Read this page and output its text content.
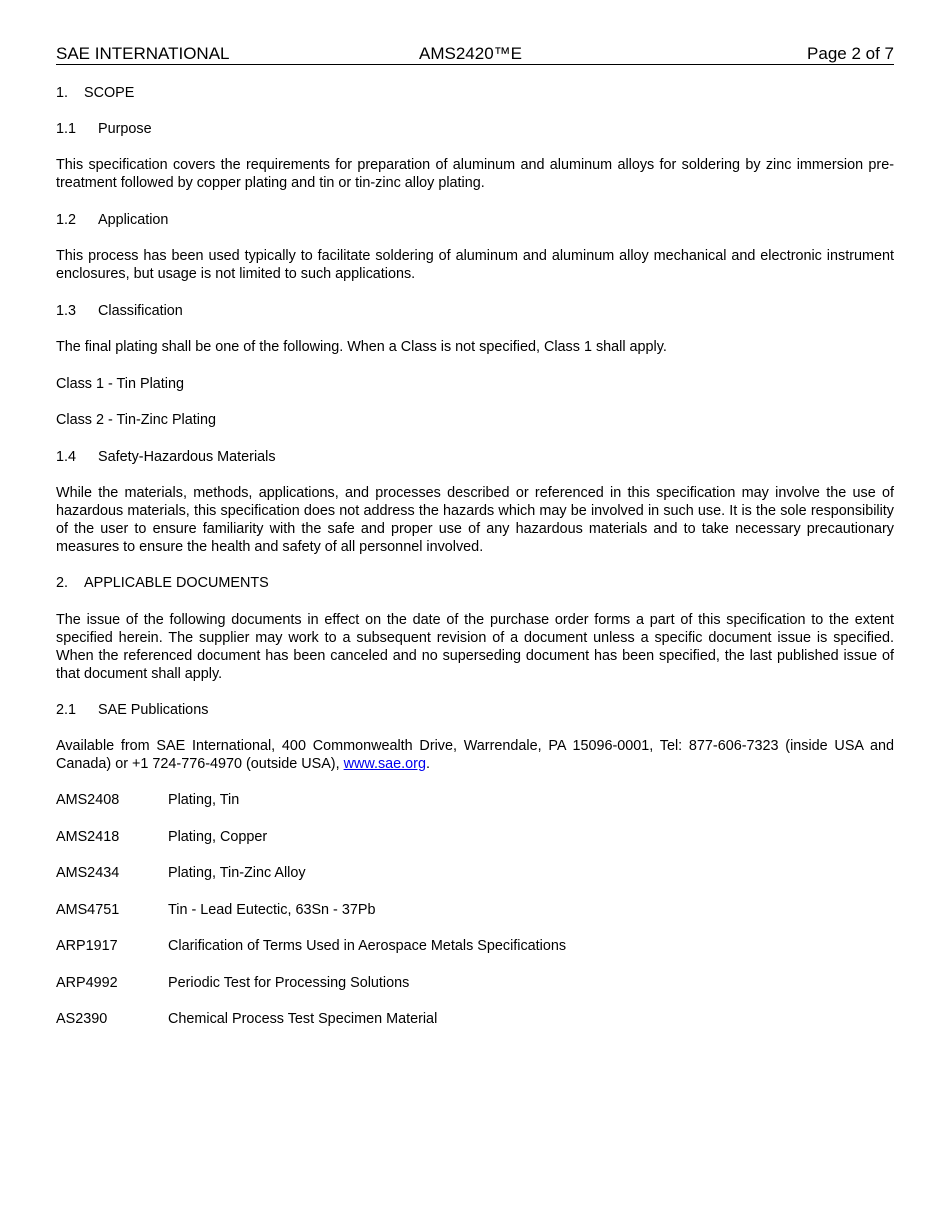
SAE INTERNATIONAL	AMS2420™E	Page 2 of 7

1. SCOPE

1.1 Purpose

This specification covers the requirements for preparation of aluminum and aluminum alloys for soldering by zinc immersion pre-treatment followed by copper plating and tin or tin-zinc alloy plating.

1.2 Application

This process has been used typically to facilitate soldering of aluminum and aluminum alloy mechanical and electronic instrument enclosures, but usage is not limited to such applications.

1.3 Classification

The final plating shall be one of the following. When a Class is not specified, Class 1 shall apply.

Class 1 - Tin Plating

Class 2 - Tin-Zinc Plating

1.4 Safety-Hazardous Materials

While the materials, methods, applications, and processes described or referenced in this specification may involve the use of hazardous materials, this specification does not address the hazards which may be involved in such use. It is the sole responsibility of the user to ensure familiarity with the safe and proper use of any hazardous materials and to take necessary precautionary measures to ensure the health and safety of all personnel involved.

2. APPLICABLE DOCUMENTS

The issue of the following documents in effect on the date of the purchase order forms a part of this specification to the extent specified herein. The supplier may work to a subsequent revision of a document unless a specific document issue is specified. When the referenced document has been canceled and no superseding document has been specified, the last published issue of that document shall apply.

2.1 SAE Publications

Available from SAE International, 400 Commonwealth Drive, Warrendale, PA 15096-0001, Tel: 877-606-7323 (inside USA and Canada) or +1 724-776-4970 (outside USA), www.sae.org.

AMS2408	Plating, Tin

AMS2418	Plating, Copper

AMS2434	Plating, Tin-Zinc Alloy

AMS4751	Tin - Lead Eutectic, 63Sn - 37Pb

ARP1917	Clarification of Terms Used in Aerospace Metals Specifications

ARP4992	Periodic Test for Processing Solutions

AS2390	Chemical Process Test Specimen Material
